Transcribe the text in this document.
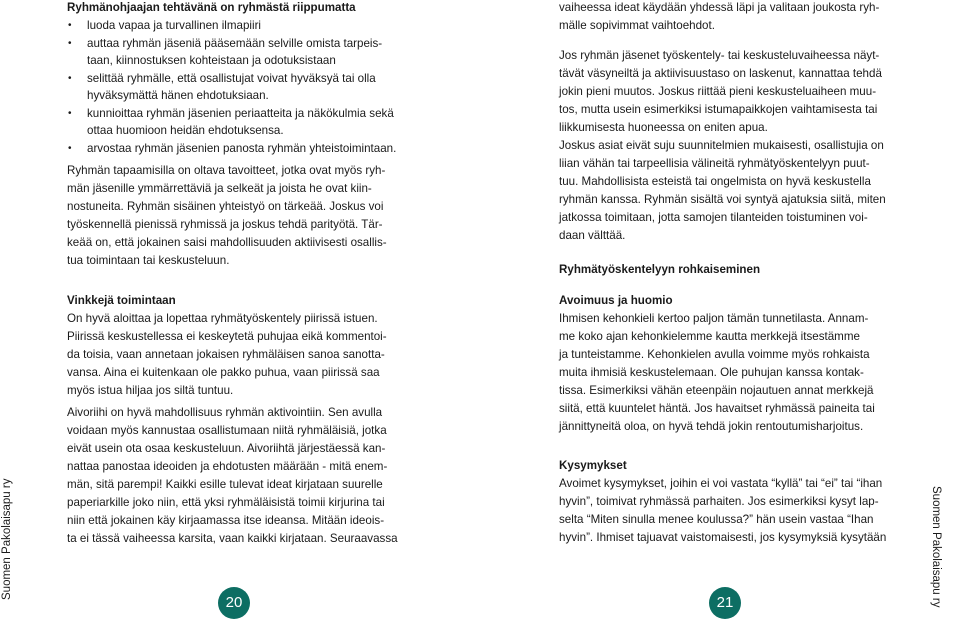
Suomen Pakolaisapu ry	Suomen Pakolaisapu ry
Ryhmänohjaajan tehtävänä on ryhmästä riippumatta
• luoda vapaa ja turvallinen ilmapiiri
• auttaa ryhmän jäseniä pääsemään selville omista tarpeis-
taan, kiinnostuksen kohteistaan ja odotuksistaan
• selittää ryhmälle, että osallistujat voivat hyväksyä tai olla
hyväksymättä hänen ehdotuksiaan.
• kunnioittaa ryhmän jäsenien periaatteita ja näkökulmia sekä
ottaa huomioon heidän ehdotuksensa.
• arvostaa ryhmän jäsenien panosta ryhmän yhteistoimintaan.

Ryhmän tapaamisilla on oltava tavoitteet, jotka ovat myös ryh-
män jäsenille ymmärrettäviä ja selkeät ja joista he ovat kiin-
nostuneita. Ryhmän sisäinen yhteistyö on tärkeää. Joskus voi
työskennellä pienissä ryhmissä ja joskus tehdä parityötä. Tär-
keää on, että jokainen saisi mahdollisuuden aktiivisesti osallis-
tua toimintaan tai keskusteluun.

Vinkkejä toimintaan

On hyvä aloittaa ja lopettaa ryhmätyöskentely piirissä istuen.
Piirissä keskustellessa ei keskeytetä puhujaa eikä kommentoi-
da toisia, vaan annetaan jokaisen ryhmäläisen sanoa sanotta-
vansa. Aina ei kuitenkaan ole pakko puhua, vaan piirissä saa
myös istua hiljaa jos siltä tuntuu.

Aivoriihi on hyvä mahdollisuus ryhmän aktivointiin. Sen avulla
voidaan myös kannustaa osallistumaan niitä ryhmäläisiä, jotka
eivät usein ota osaa keskusteluun. Aivoriihtä järjestäessä kan-
nattaa panostaa ideoiden ja ehdotusten määrään - mitä enem-
män, sitä parempi! Kaikki esille tulevat ideat kirjataan suurelle
paperiarkille joko niin, että yksi ryhmäläisistä toimii kirjurina tai
niin että jokainen käy kirjaamassa itse ideansa. Mitään ideois-
ta ei tässä vaiheessa karsita, vaan kaikki kirjataan. Seuraavassa

20

vaiheessa ideat käydään yhdessä läpi ja valitaan joukosta ryh-
mälle sopivimmat vaihtoehdot.

Jos ryhmän jäsenet työskentely- tai keskusteluvaiheessa näyt-
tävät väsyneiltä ja aktiivisuustaso on laskenut, kannattaa tehdä
jokin pieni muutos. Joskus riittää pieni keskusteluaiheen muu-
tos, mutta usein esimerkiksi istumapaikkojen vaihtamisesta tai
liikkumisesta huoneessa on eniten apua.
Joskus asiat eivät suju suunnitelmien mukaisesti, osallistujia on
liian vähän tai tarpeellisia välineitä ryhmätyöskentelyyn puut-
tuu. Mahdollisista esteistä tai ongelmista on hyvä keskustella
ryhmän kanssa. Ryhmän sisältä voi syntyä ajatuksia siitä, miten
jatkossa toimitaan, jotta samojen tilanteiden toistuminen voi-
daan välttää.

Ryhmätyöskentelyyn rohkaiseminen
Avoimuus ja huomio

Ihmisen kehonkieli kertoo paljon tämän tunnetilasta. Annam-
me koko ajan kehonkielemme kautta merkkejä itsestämme
ja tunteistamme. Kehonkielen avulla voimme myös rohkaista
muita ihmisiä keskustelemaan. Ole puhujan kanssa kontak-
tissa. Esimerkiksi vähän eteenpäin nojautuen annat merkkejä
siitä, että kuuntelet häntä. Jos havaitset ryhmässä paineita tai
jännittyneitä oloa, on hyvä tehdä jokin rentoutumisharjoitus.

Kysymykset

Avoimet kysymykset, joihin ei voi vastata “kyllä” tai “ei” tai “ihan
hyvin”, toimivat ryhmässä parhaiten. Jos esimerkiksi kysyt lap-
selta “Miten sinulla menee koulussa?” hän usein vastaa “Ihan
hyvin”. Ihmiset tajuavat vaistomaisesti, jos kysymyksiä kysytään

21
